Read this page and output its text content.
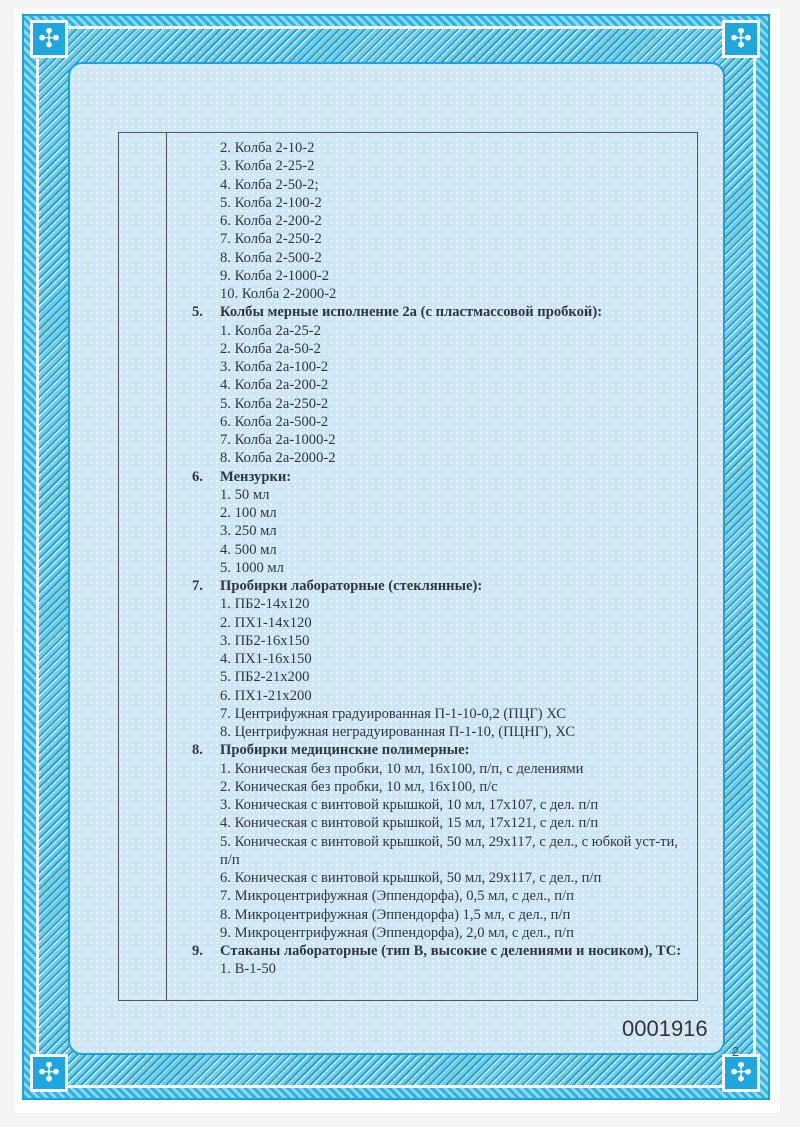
✣
✣
✣
✣
2. Колба 2-10-2
3. Колба 2-25-2
4. Колба 2-50-2;
5. Колба 2-100-2
6. Колба 2-200-2
7. Колба 2-250-2
8. Колба 2-500-2
9. Колба 2-1000-2
10. Колба 2-2000-2
5.	Колбы мерные исполнение 2а (с пластмассовой пробкой):
1. Колба 2а-25-2
2. Колба 2а-50-2
3. Колба 2а-100-2
4. Колба 2а-200-2
5. Колба 2а-250-2
6. Колба 2а-500-2
7. Колба 2а-1000-2
8. Колба 2а-2000-2
6.	Мензурки:
1. 50 мл
2. 100 мл
3. 250 мл
4. 500 мл
5. 1000 мл
7.	Пробирки лабораторные (стеклянные):
1. ПБ2-14х120
2. ПХ1-14х120
3. ПБ2-16х150
4. ПХ1-16х150
5. ПБ2-21х200
6. ПХ1-21х200
7. Центрифужная градуированная П-1-10-0,2 (ПЦГ) ХС
8. Центрифужная неградуированная П-1-10, (ПЦНГ), ХС
8.	Пробирки медицинские полимерные:
1. Коническая без пробки, 10 мл, 16х100, п/п, с делениями
2. Коническая без пробки, 10 мл, 16х100, п/с
3. Коническая с винтовой крышкой, 10 мл, 17х107, с дел. п/п
4. Коническая с винтовой крышкой, 15 мл, 17х121, с дел. п/п
5. Коническая с винтовой крышкой, 50 мл, 29х117, с дел., с юбкой уст-ти, п/п
6. Коническая с винтовой крышкой, 50 мл, 29х117, с дел., п/п
7. Микроцентрифужная (Эппендорфа), 0,5 мл, с дел., п/п
8. Микроцентрифужная (Эппендорфа) 1,5 мл, с дел., п/п
9. Микроцентрифужная (Эппендорфа), 2,0 мл, с дел., п/п
9.	Стаканы лабораторные (тип В, высокие с делениями и носиком), ТС:
1. В-1-50
0001916
2
